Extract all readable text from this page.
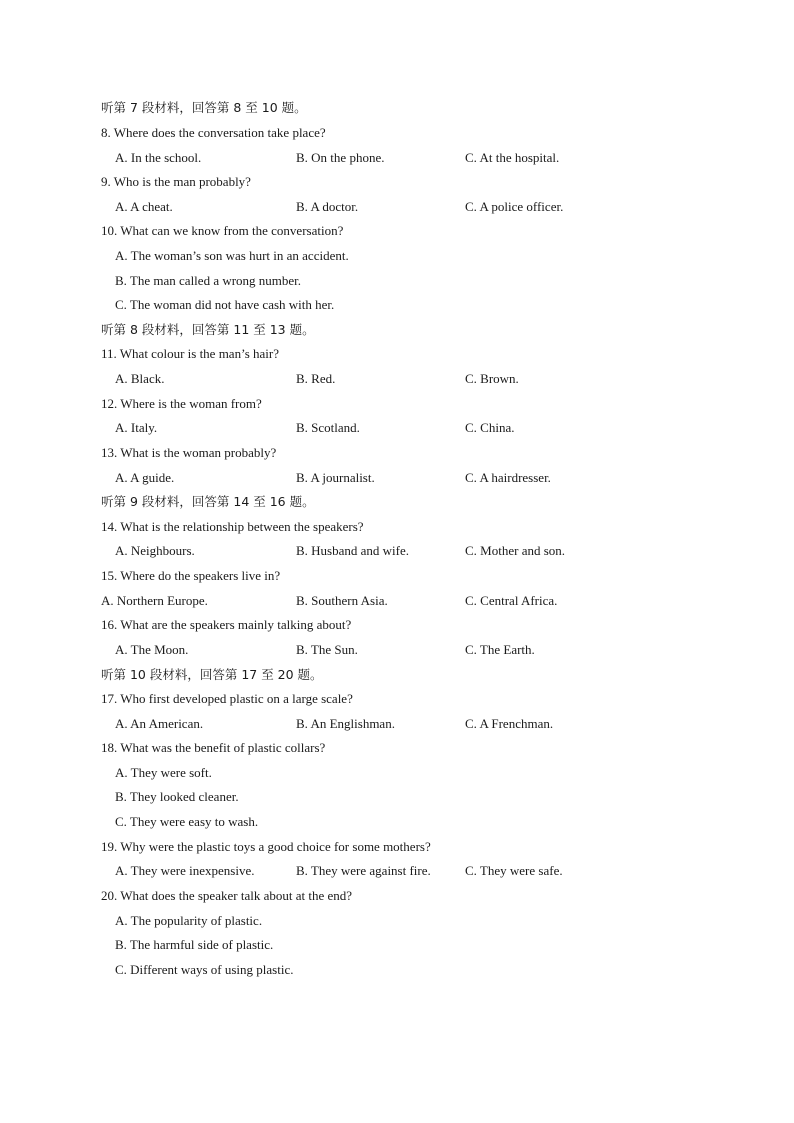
听第 7 段材料，回答第 8 至 10 题。
8. Where does the conversation take place?
A. In the school.	B. On the phone.	C. At the hospital.
9. Who is the man probably?
A. A cheat.	B. A doctor.	C. A police officer.
10. What can we know from the conversation?
A. The woman’s son was hurt in an accident.
B. The man called a wrong number.
C. The woman did not have cash with her.
听第 8 段材料，回答第 11 至 13 题。
11. What colour is the man’s hair?
A. Black.	B. Red.	C. Brown.
12. Where is the woman from?
A. Italy.	B. Scotland.	C. China.
13. What is the woman probably?
A. A guide.	B. A journalist.	C. A hairdresser.
听第 9 段材料，回答第 14 至 16 题。
14. What is the relationship between the speakers?
A. Neighbours.	B. Husband and wife.	C. Mother and son.
15. Where do the speakers live in?
A. Northern Europe.	B. Southern Asia.	C. Central Africa.
16. What are the speakers mainly talking about?
A. The Moon.	B. The Sun.	C. The Earth.
听第 10 段材料，回答第 17 至 20 题。
17. Who first developed plastic on a large scale?
A. An American.	B. An Englishman.	C. A Frenchman.
18. What was the benefit of plastic collars?
A. They were soft.
B. They looked cleaner.
C. They were easy to wash.
19. Why were the plastic toys a good choice for some mothers?
A. They were inexpensive.	B. They were against fire.	C. They were safe.
20. What does the speaker talk about at the end?
A. The popularity of plastic.
B. The harmful side of plastic.
C. Different ways of using plastic.
